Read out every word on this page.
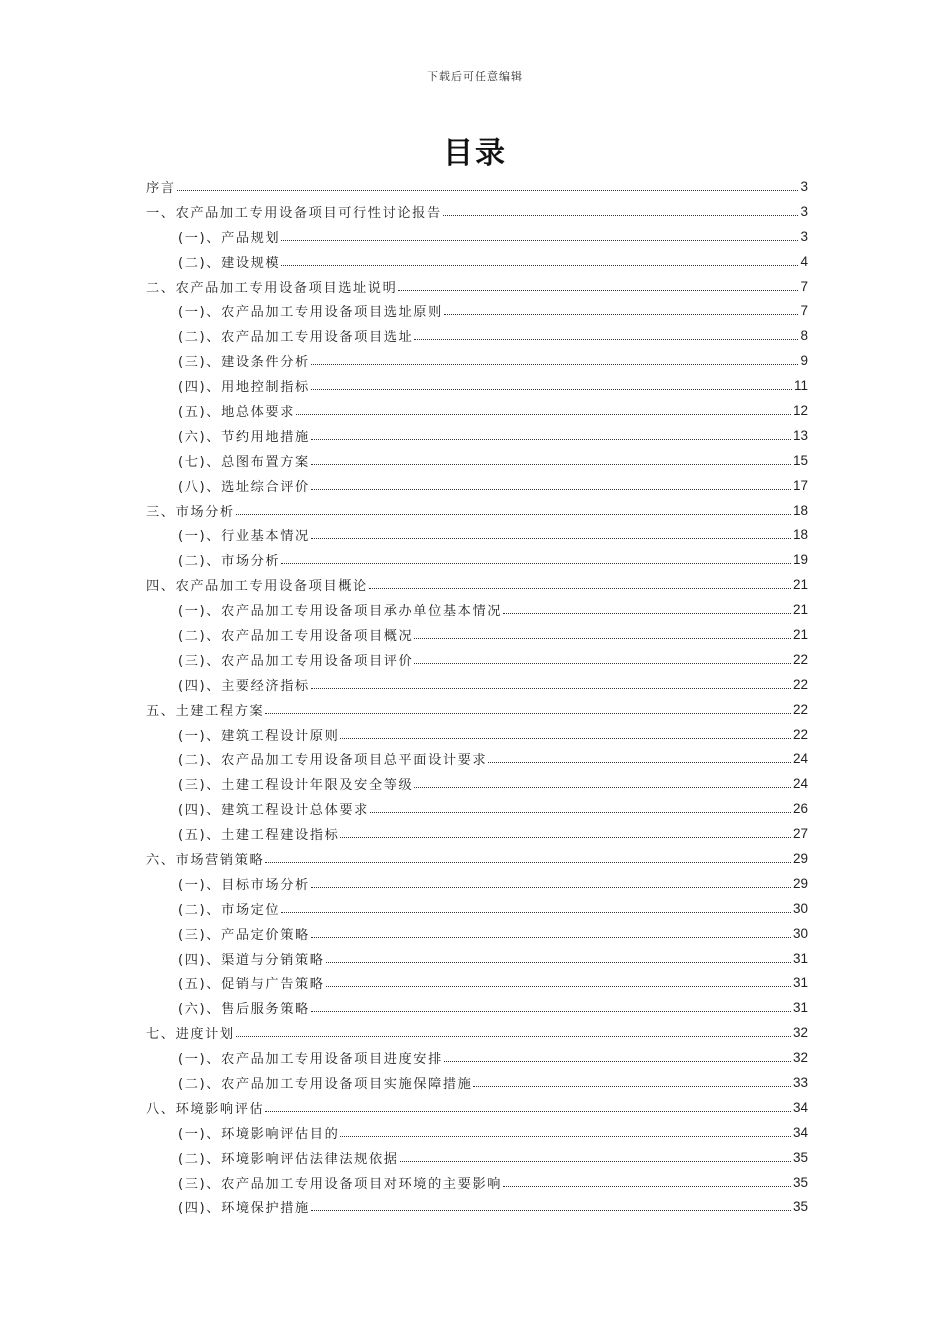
下载后可任意编辑
目录
序言	3
一、农产品加工专用设备项目可行性讨论报告	3
(一)、产品规划	3
(二)、建设规模	4
二、农产品加工专用设备项目选址说明	7
(一)、农产品加工专用设备项目选址原则	7
(二)、农产品加工专用设备项目选址	8
(三)、建设条件分析	9
(四)、用地控制指标	11
(五)、地总体要求	12
(六)、节约用地措施	13
(七)、总图布置方案	15
(八)、选址综合评价	17
三、市场分析	18
(一)、行业基本情况	18
(二)、市场分析	19
四、农产品加工专用设备项目概论	21
(一)、农产品加工专用设备项目承办单位基本情况	21
(二)、农产品加工专用设备项目概况	21
(三)、农产品加工专用设备项目评价	22
(四)、主要经济指标	22
五、土建工程方案	22
(一)、建筑工程设计原则	22
(二)、农产品加工专用设备项目总平面设计要求	24
(三)、土建工程设计年限及安全等级	24
(四)、建筑工程设计总体要求	26
(五)、土建工程建设指标	27
六、市场营销策略	29
(一)、目标市场分析	29
(二)、市场定位	30
(三)、产品定价策略	30
(四)、渠道与分销策略	31
(五)、促销与广告策略	31
(六)、售后服务策略	31
七、进度计划	32
(一)、农产品加工专用设备项目进度安排	32
(二)、农产品加工专用设备项目实施保障措施	33
八、环境影响评估	34
(一)、环境影响评估目的	34
(二)、环境影响评估法律法规依据	35
(三)、农产品加工专用设备项目对环境的主要影响	35
(四)、环境保护措施	35
